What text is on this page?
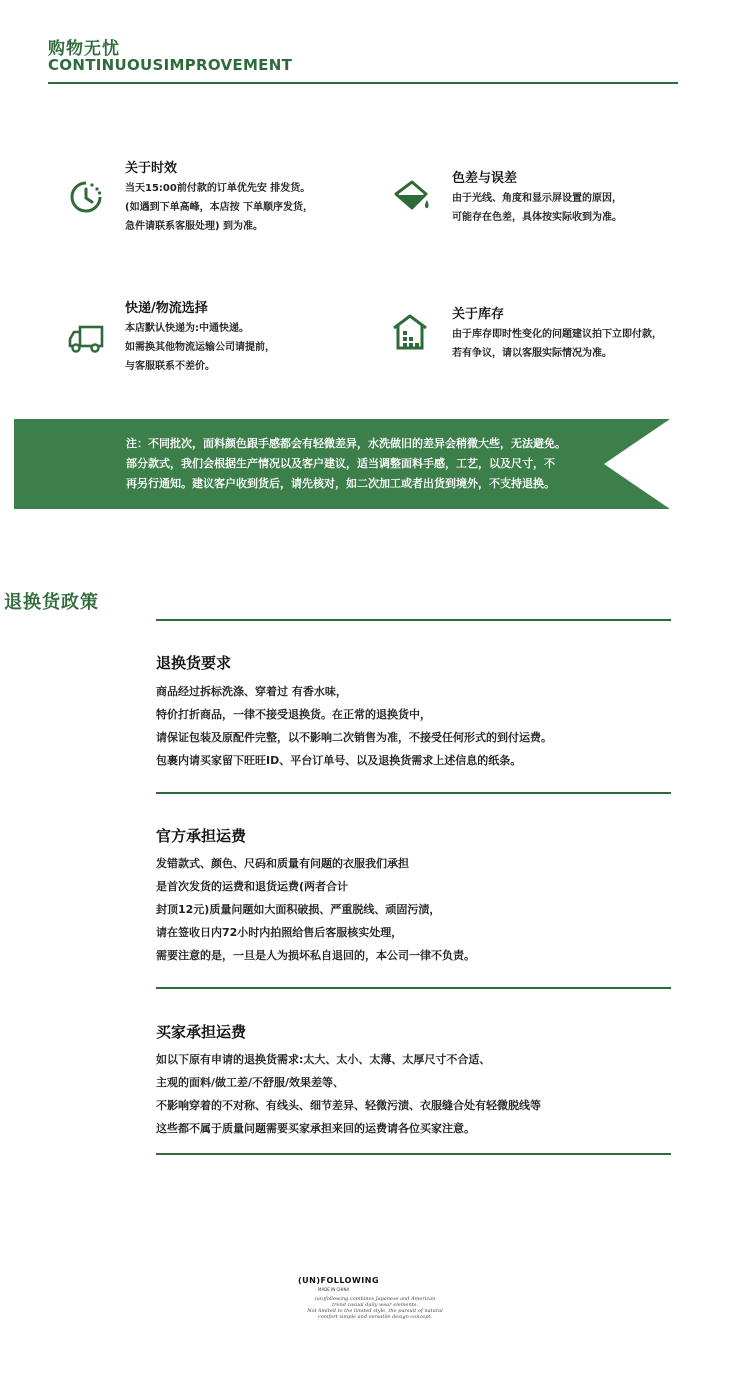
购物无忧
CONTINUOUSIMPROVEMENT
关于时效
当天15:00前付款的订单优先安 排发货。
(如遇到下单高峰，本店按 下单顺序发货，
急件请联系客服处理) 到为准。
色差与误差
由于光线、角度和显示屏设置的原因，
可能存在色差，具体按实际收到为准。
快递/物流选择
本店默认快递为:中通快递。
如需换其他物流运输公司请提前，
与客服联系不差价。
关于库存
由于库存即时性变化的问题建议拍下立即付款，
若有争议，请以客服实际情况为准。
注：不同批次，面料颜色跟手感都会有轻微差异，水洗做旧的差异会稍微大些，无法避免。
部分款式，我们会根据生产情况以及客户建议，适当调整面料手感，工艺，以及尺寸，不
再另行通知。建议客户收到货后，请先核对，如二次加工或者出货到境外，不支持退换。
退换货政策
退换货要求
商品经过拆标洗涤、穿着过 有香水味，
特价打折商品，一律不接受退换货。在正常的退换货中，
请保证包装及原配件完整，以不影响二次销售为准，不接受任何形式的到付运费。
包裹内请买家留下旺旺ID、平台订单号、以及退换货需求上述信息的纸条。
官方承担运费
发错款式、颜色、尺码和质量有问题的衣服我们承担
是首次发货的运费和退货运费(两者合计
封顶12元)质量问题如大面积破损、严重脱线、顽固污渍，
请在签收日内72小时内拍照给售后客服核实处理，
需要注意的是，一旦是人为损坏私自退回的，本公司一律不负责。
买家承担运费
如以下原有申请的退换货需求:太大、太小、太薄、太厚尺寸不合适、
主观的面料/做工差/不舒服/效果差等、
不影响穿着的不对称、有线头、细节差异、轻微污渍、衣服缝合处有轻微脱线等
这些都不属于质量问题需要买家承担来回的运费请各位买家注意。
(UN)FOLLOWING
MADE IN CHINA
(un)following combines Japanese and American
trend casual daily wear elements.
Not limited to the limited style, the pursuit of natural
comfort simple and versatile design concept.
